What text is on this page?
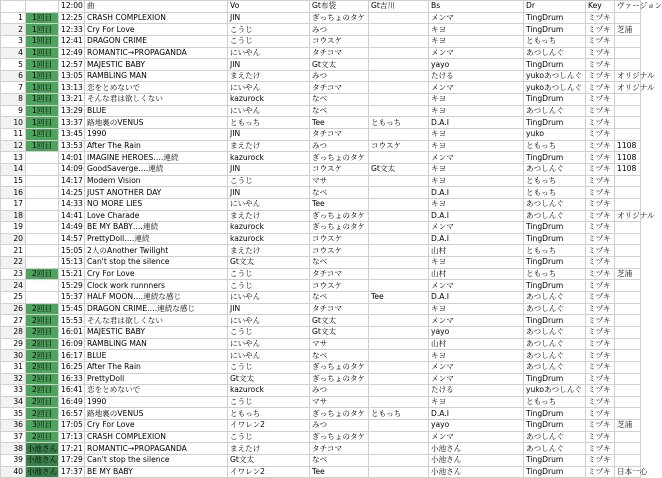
		12:00	曲	Vo	Gt布袋	Gt吉川	Bs	Dr	Key	ヴァージョン
1	1回目	12:25	CRASH COMPLEXION	JIN	ぎっちょのタケ		メンマ	TingDrum	ミヅキ	
2	1回目	12:33	Cry For Love	こうじ	みつ		キヨ	TingDrum	ミヅキ	芝浦
3	1回目	12:41	DRAGON CRIME	こうじ	コウスケ		キヨ	ともっち	ミヅキ	
4	1回目	12:49	ROMANTIC→PROPAGANDA	にいやん	タチコマ		メンマ	あつしんぐ	ミヅキ	
5	1回目	12:57	MAJESTIC BABY	JIN	Gt文太		yayo	TingDrum	ミヅキ	
6	1回目	13:05	RAMBLING MAN	まえたけ	みつ		たける	yukoあつしんぐ	ミヅキ	オリジナル
7	1回目	13:13	恋をとめないで	にいやん	タチコマ		メンマ	yukoあつしんぐ	ミヅキ	オリジナル
8	1回目	13:21	そんな君は欲しくない	kazurock	なべ		キヨ	TingDrum	ミヅキ	
9	1回目	13:29	BLUE	にいやん	なべ		キヨ	あつしんぐ	ミヅキ	
10	1回目	13:37	路地裏のVENUS	ともっち	Tee	ともっち	D.A.I	TingDrum	ミヅキ	
11	1回目	13:45	1990	JIN	タチコマ		キヨ	yuko	ミヅキ	
12	1回目	13:53	After The Rain	まえたけ	みつ	コウスケ	キヨ	ともっち	ミヅキ	1108
13		14:01	IMAGINE HEROES‥‥連続	kazurock	ぎっちょのタケ		メンマ	TingDrum	ミヅキ	1108
14		14:09	GoodSaverge‥‥連続	JIN	コウスケ	Gt文太	キヨ	あつしんぐ	ミヅキ	1108
15		14:17	Modern Vision	こうじ	マサ		キヨ	ともっち	ミヅキ	
16		14:25	JUST ANOTHER DAY	JIN	なべ		D.A.I	ともっち	ミヅキ	
17		14:33	NO MORE LIES	にいやん	Tee		キヨ	あつしんぐ	ミヅキ	
18		14:41	Love Charade	まえたけ	ぎっちょのタケ		D.A.I	あつしんぐ	ミヅキ	オリジナル
19		14:49	BE MY BABY‥‥連続	kazurock	ぎっちょのタケ		メンマ	TingDrum	ミヅキ	
20		14:57	PrettyDoll‥‥連続	kazurock	コウスケ		D.A.I	TingDrum	ミヅキ	
21		15:05	2人のAnother Twilight	まえたけ	コウスケ		山村	ともっち	ミヅキ	
22		15:13	Can't stop the silence	Gt文太	なべ		キヨ	TingDrum	ミヅキ	
23	2回目	15:21	Cry For Love	こうじ	タチコマ		山村	ともっち	ミヅキ	芝浦
24		15:29	Clock work runnners	こうじ	コウスケ		メンマ	TingDrum	ミヅキ	
25		15:37	HALF MOON‥‥連続な感じ	にいやん	なべ	Tee	D.A.I	あつしんぐ	ミヅキ	
26	2回目	15:45	DRAGON CRIME‥‥連続な感じ	JIN	タチコマ		キヨ	あつしんぐ	ミヅキ	
27	2回目	15:53	そんな君は欲しくない	にいやん	Gt文太		メンマ	TingDrum	ミヅキ	
28	2回目	16:01	MAJESTIC BABY	こうじ	Gt文太		yayo	あつしんぐ	ミヅキ	
29	2回目	16:09	RAMBLING MAN	にいやん	マサ		山村	あつしんぐ	ミヅキ	
30	2回目	16:17	BLUE	にいやん	なべ		キヨ	あつしんぐ	ミヅキ	
31	2回目	16:25	After The Rain	こうじ	ぎっちょのタケ		メンマ	あつしんぐ	ミヅキ	
32	2回目	16:33	PrettyDoll	Gt文太	ぎっちょのタケ		メンマ	TingDrum	ミヅキ	
33	2回目	16:41	恋をとめないで	kazurock	みつ		たける	yukoあつしんぐ	ミヅキ	
34	2回目	16:49	1990	こうじ	マサ		キヨ	ともっち	ミヅキ	
35	2回目	16:57	路地裏のVENUS	ともっち	ぎっちょのタケ	ともっち	D.A.I	TingDrum	ミヅキ	
36	3回目	17:05	Cry For Love	イワレン2	みつ		yayo	TingDrum	ミヅキ	芝浦
37	2回目	17:13	CRASH COMPLEXION	こうじ	ぎっちょのタケ		メンマ	あつしんぐ	ミヅキ	
38	小池さん	17:21	ROMANTIC→PROPAGANDA	まえたけ	タチコマ		小池さん	あつしんぐ	ミヅキ	
39	小池さん	17:29	Can't stop the silence	Gt文太	なべ		小池さん	TingDrum	ミヅキ	
40	小池さん	17:37	BE MY BABY	イワレン2	Tee		小池さん	TingDrum	ミヅキ	日本一心
